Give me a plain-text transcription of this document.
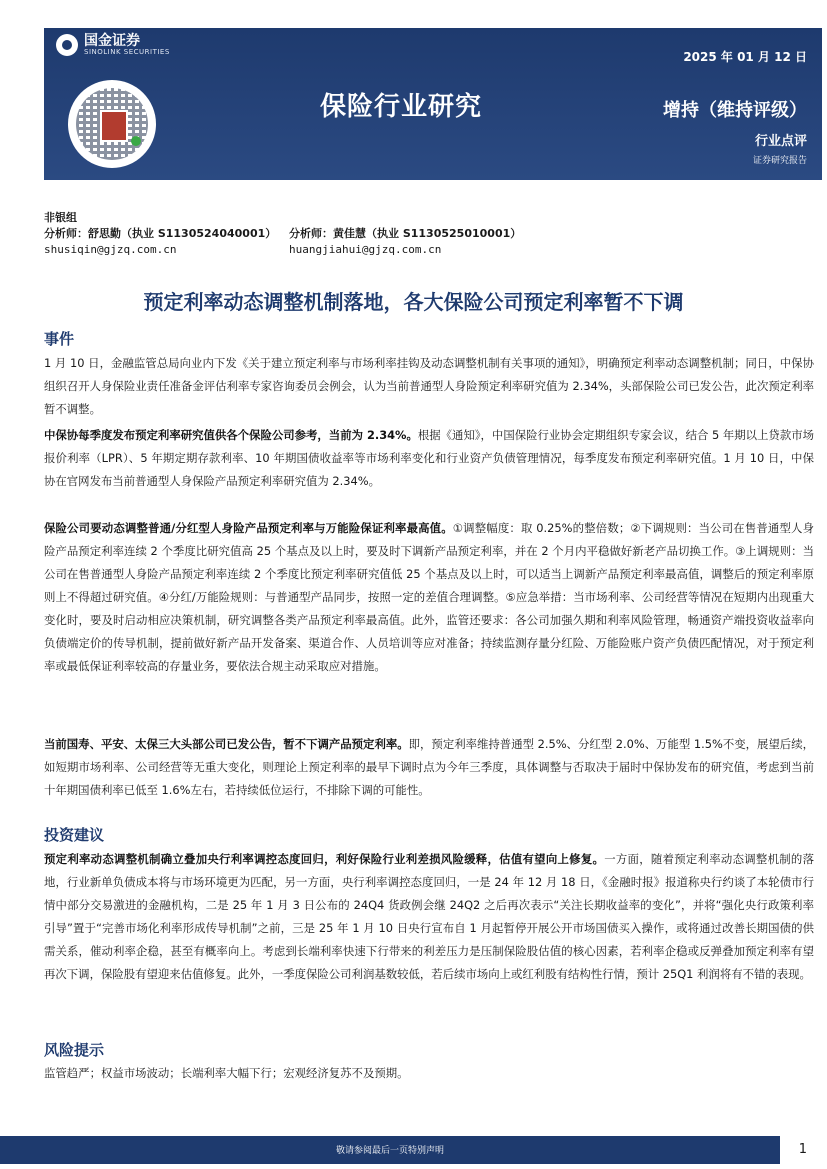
国金证券
SINOLINK SECURITIES
保险行业研究
2025 年 01 月 12 日
增持（维持评级）
行业点评
证券研究报告
非银组
分析师：舒思勤（执业 S1130524040001）	分析师：黄佳慧（执业 S1130525010001）
shusiqin@gjzq.com.cn	huangjiahui@gjzq.com.cn
预定利率动态调整机制落地，各大保险公司预定利率暂不下调
事件
1 月 10 日，金融监管总局向业内下发《关于建立预定利率与市场利率挂钩及动态调整机制有关事项的通知》，明确预定利率动态调整机制；同日，中保协组织召开人身保险业责任准备金评估利率专家咨询委员会例会，认为当前普通型人身险预定利率研究值为 2.34%，头部保险公司已发公告，此次预定利率暂不调整。
中保协每季度发布预定利率研究值供各个保险公司参考，当前为 2.34%。根据《通知》，中国保险行业协会定期组织专家会议，结合 5 年期以上贷款市场报价利率（LPR）、5 年期定期存款利率、10 年期国债收益率等市场利率变化和行业资产负债管理情况，每季度发布预定利率研究值。1 月 10 日，中保协在官网发布当前普通型人身保险产品预定利率研究值为 2.34%。
保险公司要动态调整普通/分红型人身险产品预定利率与万能险保证利率最高值。①调整幅度：取 0.25%的整倍数；②下调规则：当公司在售普通型人身险产品预定利率连续 2 个季度比研究值高 25 个基点及以上时，要及时下调新产品预定利率，并在 2 个月内平稳做好新老产品切换工作。③上调规则：当公司在售普通型人身险产品预定利率连续 2 个季度比预定利率研究值低 25 个基点及以上时，可以适当上调新产品预定利率最高值，调整后的预定利率原则上不得超过研究值。④分红/万能险规则：与普通型产品同步，按照一定的差值合理调整。⑤应急举措：当市场利率、公司经营等情况在短期内出现重大变化时，要及时启动相应决策机制，研究调整各类产品预定利率最高值。此外，监管还要求：各公司加强久期和利率风险管理，畅通资产端投资收益率向负债端定价的传导机制，提前做好新产品开发备案、渠道合作、人员培训等应对准备；持续监测存量分红险、万能险账户资产负债匹配情况，对于预定利率或最低保证利率较高的存量业务，要依法合规主动采取应对措施。
当前国寿、平安、太保三大头部公司已发公告，暂不下调产品预定利率。即，预定利率维持普通型 2.5%、分红型 2.0%、万能型 1.5%不变，展望后续，如短期市场利率、公司经营等无重大变化，则理论上预定利率的最早下调时点为今年三季度，具体调整与否取决于届时中保协发布的研究值，考虑到当前十年期国债利率已低至 1.6%左右，若持续低位运行，不排除下调的可能性。
投资建议
预定利率动态调整机制确立叠加央行利率调控态度回归，利好保险行业利差损风险缓释，估值有望向上修复。一方面，随着预定利率动态调整机制的落地，行业新单负债成本将与市场环境更为匹配，另一方面，央行利率调控态度回归，一是 24 年 12 月 18 日，《金融时报》报道称央行约谈了本轮债市行情中部分交易激进的金融机构，二是 25 年 1 月 3 日公布的 24Q4 货政例会继 24Q2 之后再次表示“关注长期收益率的变化”，并将“强化央行政策利率引导”置于“完善市场化利率形成传导机制”之前，三是 25 年 1 月 10 日央行宣布自 1 月起暂停开展公开市场国债买入操作，或将通过改善长期国债的供需关系，催动利率企稳，甚至有概率向上。考虑到长端利率快速下行带来的利差压力是压制保险股估值的核心因素，若利率企稳或反弹叠加预定利率有望再次下调，保险股有望迎来估值修复。此外，一季度保险公司利润基数较低，若后续市场向上或红利股有结构性行情，预计 25Q1 利润将有不错的表现。
风险提示
监管趋严；权益市场波动；长端利率大幅下行；宏观经济复苏不及预期。
敬请参阅最后一页特别声明	1
